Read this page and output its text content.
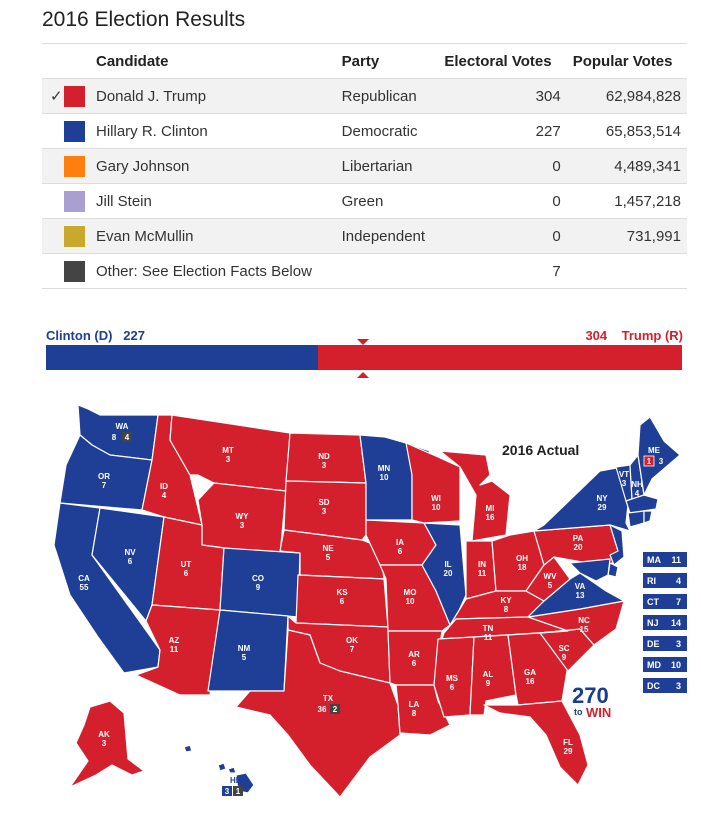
2016 Election Results
		Candidate	Party	Electoral Votes	Popular Votes
✓		Donald J. Trump	Republican	304	62,984,828
		Hillary R. Clinton	Democratic	227	65,853,514
		Gary Johnson	Libertarian	0	4,489,341
		Jill Stein	Green	0	1,457,218
		Evan McMullin	Independent	0	731,991
		Other: See Election Facts Below		7	
Clinton (D) 227	304 Trump (R)
WA
8 4
OR
7
CA
55
NV
6
ID
4
MT
3
WY
3
UT
6
AZ
11
CO
9
NM
5
ND
3
SD
3
NE
5
KS
6
OK
7
TX
36 2
MN
10
IA
6
MO
10
AR
6
LA
8
WI
10
IL
20
MI
16
IN
11
OH
18
KY
8
TN
11
MS
6
AL
9
GA
16
FL
29
SC
9
NC
15
VA
13
WV
5
PA
20
NY
29
VT
3 NH
4
ME
1 3
AK
3
HI
3 1
2016 Actual
MA 11
RI 4
CT 7
NJ 14
DE 3
MD 10
DC 3
270
to WIN
